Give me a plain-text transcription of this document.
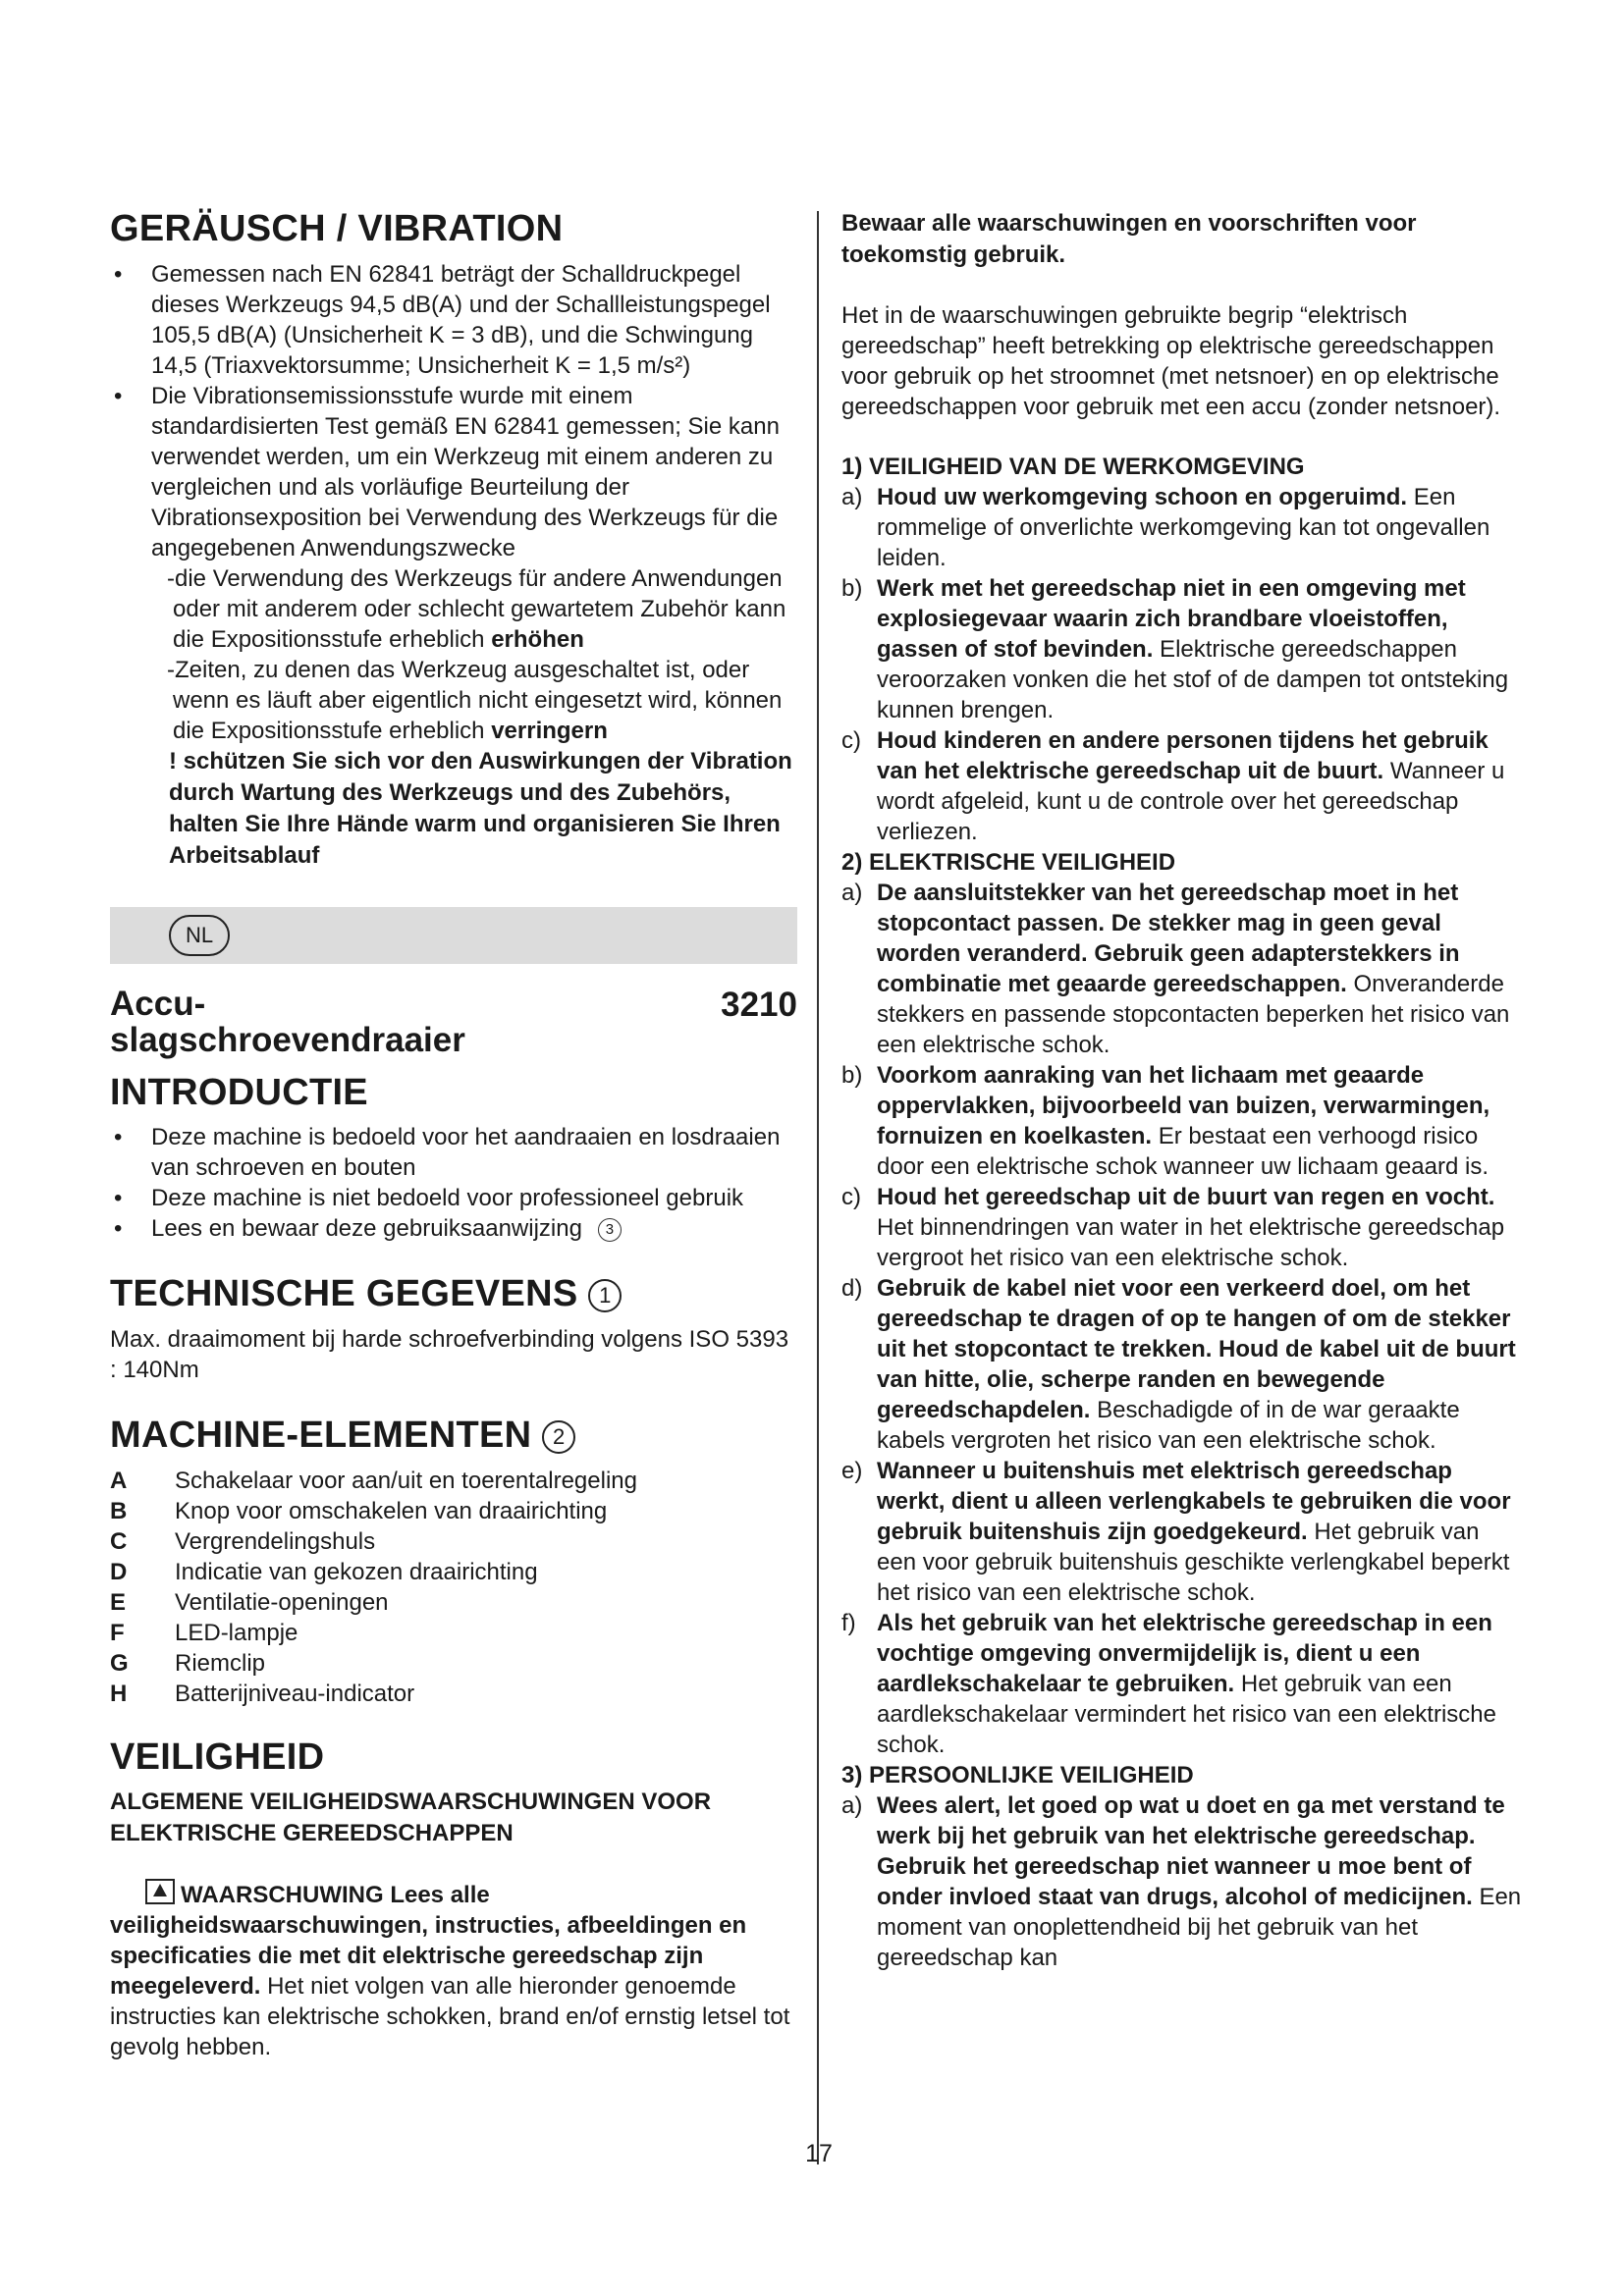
GERÄUSCH / VIBRATION
• Gemessen nach EN 62841 beträgt der Schalldruckpegel dieses Werkzeugs 94,5 dB(A) und der Schallleistungspegel 105,5 dB(A) (Unsicherheit K = 3 dB), und die Schwingung 14,5 (Triaxvektorsumme; Unsicherheit K = 1,5 m/s²)
• Die Vibrationsemissionsstufe wurde mit einem standardisierten Test gemäß EN 62841 gemessen; Sie kann verwendet werden, um ein Werkzeug mit einem anderen zu vergleichen und als vorläufige Beurteilung der Vibrationsexposition bei Verwendung des Werkzeugs für die angegebenen Anwendungszwecke

-die Verwendung des Werkzeugs für andere Anwendungen oder mit anderem oder schlecht gewartetem Zubehör kann die Expositionsstufe erheblich erhöhen

-Zeiten, zu denen das Werkzeug ausgeschaltet ist, oder wenn es läuft aber eigentlich nicht eingesetzt wird, können die Expositionsstufe erheblich verringern

! schützen Sie sich vor den Auswirkungen der Vibration durch Wartung des Werkzeugs und des Zubehörs, halten Sie Ihre Hände warm und organisieren Sie Ihren Arbeitsablauf

NL
Accu-slagschroevendraaier
3210
INTRODUCTIE
• Deze machine is bedoeld voor het aandraaien en losdraaien van schroeven en bouten
• Deze machine is niet bedoeld voor professioneel gebruik
• Lees en bewaar deze gebruiksaanwijzing 3
TECHNISCHE GEGEVENS 1

Max. draaimoment bij harde schroefverbinding volgens ISO 5393 : 140Nm

MACHINE-ELEMENTEN 2
A	Schakelaar voor aan/uit en toerentalregeling
B	Knop voor omschakelen van draairichting
C	Vergrendelingshuls
D	Indicatie van gekozen draairichting
E	Ventilatie-openingen
F	LED-lampje
G	Riemclip
H	Batterijniveau-indicator
VEILIGHEID

ALGEMENE VEILIGHEIDSWAARSCHUWINGEN VOOR ELEKTRISCHE GEREEDSCHAPPEN

WAARSCHUWING Lees alle veiligheidswaarschuwingen, instructies, afbeeldingen en specificaties die met dit elektrische gereedschap zijn meegeleverd. Het niet volgen van alle hieronder genoemde instructies kan elektrische schokken, brand en/of ernstig letsel tot gevolg hebben.

Bewaar alle waarschuwingen en voorschriften voor toekomstig gebruik.

Het in de waarschuwingen gebruikte begrip “elektrisch gereedschap” heeft betrekking op elektrische gereedschappen voor gebruik op het stroomnet (met netsnoer) en op elektrische gereedschappen voor gebruik met een accu (zonder netsnoer).

1) VEILIGHEID VAN DE WERKOMGEVING

a) Houd uw werkomgeving schoon en opgeruimd. Een rommelige of onverlichte werkomgeving kan tot ongevallen leiden.
b) Werk met het gereedschap niet in een omgeving met explosiegevaar waarin zich brandbare vloeistoffen, gassen of stof bevinden. Elektrische gereedschappen veroorzaken vonken die het stof of de dampen tot ontsteking kunnen brengen.
c) Houd kinderen en andere personen tijdens het gebruik van het elektrische gereedschap uit de buurt. Wanneer u wordt afgeleid, kunt u de controle over het gereedschap verliezen.

2) ELEKTRISCHE VEILIGHEID

a) De aansluitstekker van het gereedschap moet in het stopcontact passen. De stekker mag in geen geval worden veranderd. Gebruik geen adapterstekkers in combinatie met geaarde gereedschappen. Onveranderde stekkers en passende stopcontacten beperken het risico van een elektrische schok.
b) Voorkom aanraking van het lichaam met geaarde oppervlakken, bijvoorbeeld van buizen, verwarmingen, fornuizen en koelkasten. Er bestaat een verhoogd risico door een elektrische schok wanneer uw lichaam geaard is.
c) Houd het gereedschap uit de buurt van regen en vocht. Het binnendringen van water in het elektrische gereedschap vergroot het risico van een elektrische schok.
d) Gebruik de kabel niet voor een verkeerd doel, om het gereedschap te dragen of op te hangen of om de stekker uit het stopcontact te trekken. Houd de kabel uit de buurt van hitte, olie, scherpe randen en bewegende gereedschapdelen. Beschadigde of in de war geraakte kabels vergroten het risico van een elektrische schok.
e) Wanneer u buitenshuis met elektrisch gereedschap werkt, dient u alleen verlengkabels te gebruiken die voor gebruik buitenshuis zijn goedgekeurd. Het gebruik van een voor gebruik buitenshuis geschikte verlengkabel beperkt het risico van een elektrische schok.
f) Als het gebruik van het elektrische gereedschap in een vochtige omgeving onvermijdelijk is, dient u een aardlekschakelaar te gebruiken. Het gebruik van een aardlekschakelaar vermindert het risico van een elektrische schok.

3) PERSOONLIJKE VEILIGHEID

a) Wees alert, let goed op wat u doet en ga met verstand te werk bij het gebruik van het elektrische gereedschap. Gebruik het gereedschap niet wanneer u moe bent of onder invloed staat van drugs, alcohol of medicijnen. Een moment van onoplettendheid bij het gebruik van het gereedschap kan
17
